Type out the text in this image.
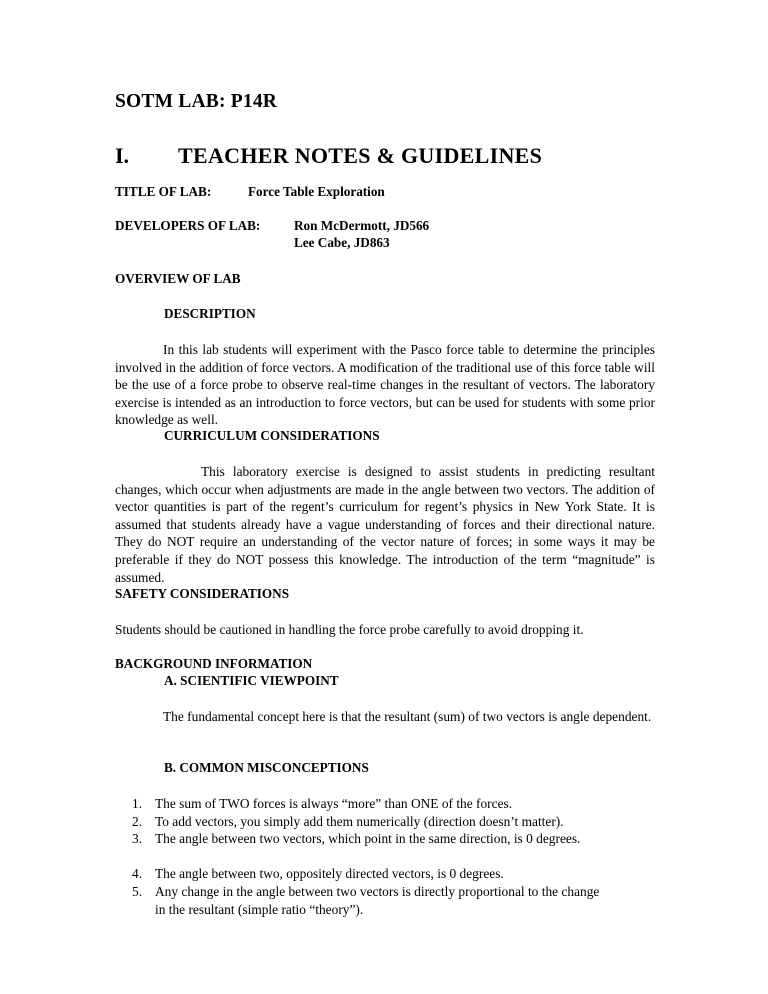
SOTM LAB: P14R
I. TEACHER NOTES & GUIDELINES
TITLE OF LAB:	Force Table Exploration
DEVELOPERS OF LAB:	Ron McDermott, JD566
Lee Cabe, JD863
OVERVIEW OF LAB
DESCRIPTION
In this lab students will experiment with the Pasco force table to determine the principles involved in the addition of force vectors. A modification of the traditional use of this force table will be the use of a force probe to observe real-time changes in the resultant of vectors. The laboratory exercise is intended as an introduction to force vectors, but can be used for students with some prior knowledge as well.
CURRICULUM CONSIDERATIONS
This laboratory exercise is designed to assist students in predicting resultant changes, which occur when adjustments are made in the angle between two vectors. The addition of vector quantities is part of the regent’s curriculum for regent’s physics in New York State. It is assumed that students already have a vague understanding of forces and their directional nature. They do NOT require an understanding of the vector nature of forces; in some ways it may be preferable if they do NOT possess this knowledge. The introduction of the term “magnitude” is assumed.
SAFETY CONSIDERATIONS
Students should be cautioned in handling the force probe carefully to avoid dropping it.
BACKGROUND INFORMATION
A. SCIENTIFIC VIEWPOINT
The fundamental concept here is that the resultant (sum) of two vectors is angle dependent.
B. COMMON MISCONCEPTIONS
1. The sum of TWO forces is always “more” than ONE of the forces.
2. To add vectors, you simply add them numerically (direction doesn’t matter).
3. The angle between two vectors, which point in the same direction, is 0 degrees.
4. The angle between two, oppositely directed vectors, is 0 degrees.
5. Any change in the angle between two vectors is directly proportional to the change in the resultant (simple ratio “theory”).
